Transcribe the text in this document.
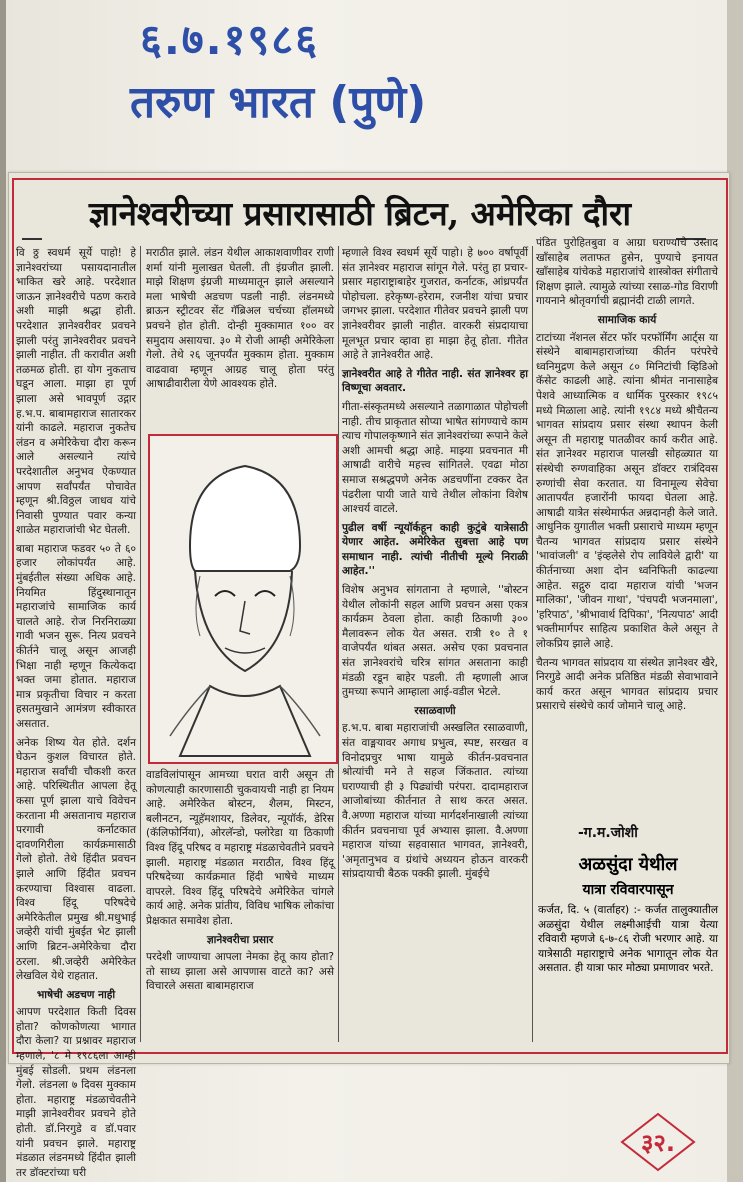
६.७.१९८६
तरुण भारत (पुणे)
ज्ञानेश्वरीच्या प्रसारासाठी ब्रिटन, अमेरिका दौरा

वि ठ्ठ स्वधर्म सूर्ये पाहो! हे ज्ञानेश्वरांच्या पसायदानातील भाकित खरे आहे. परदेशात जाऊन ज्ञानेश्वरीचे पठण करावे अशी माझी श्रद्धा होती. परदेशात ज्ञानेश्वरीवर प्रवचने झाली परंतु ज्ञानेश्वरीवर प्रवचने झाली नाहीत. ती करावीत अशी तळमळ होती. हा योग नुकताच घडून आला. माझा हा पूर्ण झाला असे भावपूर्ण उद्गार ह.भ.प. बाबामहाराज सातारकर यांनी काढले. महाराज नुकतेच लंडन व अमेरिकेचा दौरा करून आले असल्याने त्यांचे परदेशातील अनुभव ऐकण्यात आपण सर्वांपर्यंत पोचावेत म्हणून श्री.विठ्ठल जाधव यांचे निवासी पुण्यात पवार कन्या शाळेत महाराजांची भेट घेतली.

बाबा महाराज फडवर ५० ते ६० हजार लोकांपर्यंत आहे. मुंबईतील संख्या अधिक आहे. नियमित हिंदुस्थानातून महाराजांचे सामाजिक कार्य चालते आहे. रोज निरनिराळ्या गावी भजन सुरू. नित्य प्रवचने कीर्तने चालू असून आजही भिक्षा नाही म्हणून कित्येकदा भक्त जमा होतात. महाराज मात्र प्रकृतीचा विचार न करता हसतमुखाने आमंत्रण स्वीकारत असतात.

अनेक शिष्य येत होते. दर्शन घेऊन कुशल विचारत होते. महाराज सर्वांची चौकशी करत आहे. परिस्थितीत आपला हेतू कसा पूर्ण झाला याचे विवेचन करताना मी असतानाच महाराज परगावी कर्नाटकात दावणगिरीला कार्यक्रमासाठी गेलो होतो. तेथे हिंदीत प्रवचन झाले आणि हिंदीत प्रवचन करण्याचा विश्वास वाढला. विश्व हिंदू परिषदेचे अमेरिकेतील प्रमुख श्री.मधुभाई जव्हेरी यांची मुंबईत भेट झाली आणि ब्रिटन-अमेरिकेचा दौरा ठरला. श्री.जव्हेरी अमेरिकेत लेखविल येथे राहतात.

भाषेची अडचण नाही

आपण परदेशात किती दिवस होता? कोणकोणत्या भागात दौरा केला? या प्रश्नावर महाराज म्हणाले, '८ मे १९८६ला आम्ही मुंबई सोडली. प्रथम लंडनला गेलो. लंडनला ७ दिवस मुक्काम होता. महाराष्ट्र मंडळाचेवतीने माझी ज्ञानेश्वरीवर प्रवचने होते होती. डॉ.निरगुडे व डॉ.पवार यांनी प्रवचन झाले. महाराष्ट्र मंडळात लंडनमध्ये हिंदीत झाली तर डॉक्टरांच्या घरी

मराठीत झाले. लंडन येथील आकाशवाणीवर राणी शर्मा यांनी मुलाखत घेतली. ती इंग्रजीत झाली. माझे शिक्षण इंग्रजी माध्यमातून झाले असल्याने मला भाषेची अडचण पडली नाही. लंडनमध्ये ब्राऊन स्ट्रीटवर सेंट गॅब्रिअल चर्चच्या हॉलमध्ये प्रवचने होत होती. दोन्ही मुक्कामात १०० वर समुदाय असायचा. ३० मे रोजी आम्ही अमेरिकेला गेलो. तेथे २६ जूनपर्यंत मुक्काम होता. मुक्काम वाढवावा म्हणून आग्रह चालू होता परंतु आषाढीवारीला येणे आवश्यक होते.

वाडविलांपासून आमच्या घरात वारी असून ती कोणत्याही कारणासाठी चुकवायची नाही हा नियम आहे. अमेरिकेत बोस्टन, शैलम, मिस्टन, बलीनटन, न्यूहॅमशायर, डिलेवर, न्यूयॉर्क, डेरिस (कॅलिफोर्निया), ओरलॅन्डो, फ्लोरेडा या ठिकाणी विश्व हिंदू परिषद व महाराष्ट्र मंडळाचेवतीने प्रवचने झाली. महाराष्ट्र मंडळात मराठीत, विश्व हिंदू परिषदेच्या कार्यक्रमात हिंदी भाषेचे माध्यम वापरले. विश्व हिंदू परिषदेचे अमेरिकेत चांगले कार्य आहे. अनेक प्रांतीय, विविध भाषिक लोकांचा प्रेक्षकात समावेश होता.

ज्ञानेश्वरीचा प्रसार

परदेशी जाण्याचा आपला नेमका हेतू काय होता? तो साध्य झाला असे आपणास वाटते का? असे विचारले असता बाबामहाराज

म्हणाले विश्व स्वधर्म सूर्ये पाहो। हे ७०० वर्षापूर्वी संत ज्ञानेश्वर महाराज सांगून गेले. परंतु हा प्रचार-प्रसार महाराष्ट्राबाहेर गुजरात, कर्नाटक, आंध्रपर्यंत पोहोचला. हरेकृष्ण-हरेराम, रजनीश यांचा प्रचार जगभर झाला. परदेशात गीतेवर प्रवचने झाली पण ज्ञानेश्वरीवर झाली नाहीत. वारकरी संप्रदायाचा मूलभूत प्रचार व्हावा हा माझा हेतू होता. गीतेत आहे ते ज्ञानेश्वरीत आहे.

ज्ञानेश्वरीत आहे ते गीतेत नाही. संत ज्ञानेश्वर हा विष्णूचा अवतार.

गीता-संस्कृतमध्ये असल्याने तळागाळात पोहोचली नाही. तीच प्राकृतात सोप्या भाषेत सांगण्याचे काम त्याच गोपालकृष्णाने संत ज्ञानेश्वरांच्या रूपाने केले अशी आमची श्रद्धा आहे. माझ्या प्रवचनात मी आषाढी वारीचे महत्त्व सांगितले. एवढा मोठा समाज सश्रद्धपणे अनेक अडचणींना टक्कर देत पंढरीला पायी जाते याचे तेथील लोकांना विशेष आश्चर्य वाटले.

पुढील वर्षी न्यूयॉर्कहून काही कुटुंबे यात्रेसाठी येणार आहेत. अमेरिकेत सुबत्ता आहे पण समाधान नाही. त्यांची नीतीची मूल्ये निराळी आहेत.''

विशेष अनुभव सांगताना ते म्हणाले, ''बोस्टन येथील लोकांनी सहल आणि प्रवचन असा एकत्र कार्यक्रम ठेवला होता. काही ठिकाणी ३०० मैलावरून लोक येत असत. रात्री १० ते १ वाजेपर्यंत थांबत असत. असेच एका प्रवचनात संत ज्ञानेश्वरांचे चरित्र सांगत असताना काही मंडळी रडून बाहेर पडली. ती म्हणाली आज तुमच्या रूपाने आम्हाला आई-वडील भेटले.

रसाळवाणी

ह.भ.प. बाबा महाराजांची अस्खलित रसाळवाणी, संत वाङ्मयावर अगाध प्रभुत्व, स्पष्ट, सरखत व विनोदप्रचुर भाषा यामुळे कीर्तन-प्रवचनात श्रोत्यांची मने ते सहज जिंकतात. त्यांच्या घराण्याची ही ३ पिढ्यांची परंपरा. दादामहाराज आजोबांच्या कीर्तनात ते साथ करत असत. वै.अण्णा महाराज यांच्या मार्गदर्शनाखाली त्यांच्या कीर्तन प्रवचनाचा पूर्व अभ्यास झाला. वै.अण्णा महाराज यांच्या सहवासात भागवत, ज्ञानेश्वरी, 'अमृतानुभव व ग्रंथांचे अध्ययन होऊन वारकरी सांप्रदायाची बैठक पक्की झाली. मुंबईचे

पंडित पुरोहितबुवा व आग्रा घराण्याचे उस्ताद खाँसाहेब लताफत हुसेन, पुण्याचे इनायत खाँसाहेब यांचेकडे महाराजांचे शास्त्रोक्त संगीताचे शिक्षण झाले. त्यामुळे त्यांच्या रसाळ-गोड विराणी गायनाने श्रोतृवर्गाची ब्रह्मानंदी टाळी लागते.

सामाजिक कार्य

टाटांच्या नॅशनल सेंटर फॉर परफॉर्मिंग आर्ट्स या संस्थेने बाबामहाराजांच्या कीर्तन परंपरेचे ध्वनिमुद्रण केले असून ८० मिनिटांची व्हिडिओ कॅसेट काढली आहे. त्यांना श्रीमंत नानासाहेब पेशवे आध्यात्मिक व धार्मिक पुरस्कार १९८५ मध्ये मिळाला आहे. त्यांनी १९८४ मध्ये श्रीचैतन्य भागवत सांप्रदाय प्रसार संस्था स्थापन केली असून ती महाराष्ट्र पातळीवर कार्य करीत आहे. संत ज्ञानेश्वर महाराज पालखी सोहळ्यात या संस्थेची रुग्णवाहिका असून डॉक्टर रात्रंदिवस रुग्णांची सेवा करतात. या विनामूल्य सेवेचा आतापर्यंत हजारोंनी फायदा घेतला आहे. आषाढी यात्रेत संस्थेमार्फत अन्नदानही केले जाते. आधुनिक युगातील भक्ती प्रसाराचे माध्यम म्हणून चैतन्य भागवत सांप्रदाय प्रसार संस्थेने 'भावांजली' व 'इंव्हलेसे रोप लावियेले द्वारी' या कीर्तनाच्या अशा दोन ध्वनिफिती काढल्या आहेत. सद्गुरु दादा महाराज यांची 'भजन मालिका', 'जीवन गाथा', 'पंचपदी भजनमाला', 'हरिपाठ', 'श्रीभावार्थ दिपिका', 'नित्यपाठ' आदी भक्तीमार्गपर साहित्य प्रकाशित केले असून ते लोकप्रिय झाले आहे.

चैतन्य भागवत सांप्रदाय या संस्थेत ज्ञानेश्वर खैरे, निरगुडे आदी अनेक प्रतिष्ठित मंडळी सेवाभावाने कार्य करत असून भागवत सांप्रदाय प्रचार प्रसाराचे संस्थेचे कार्य जोमाने चालू आहे.

-ग.म.जोशी
अळसुंदा येथील
यात्रा रविवारपासून
कर्जत, दि. ५ (वार्ताहर) :- कर्जत तालुक्यातील अळसुंदा येथील लक्ष्मीआईची यात्रा येत्या रविवारी म्हणजे ६-७-८६ रोजी भरणार आहे. या यात्रेसाठी महाराष्ट्राचे अनेक भागातून लोक येत असतात. ही यात्रा फार मोठ्या प्रमाणावर भरते.
३२.
